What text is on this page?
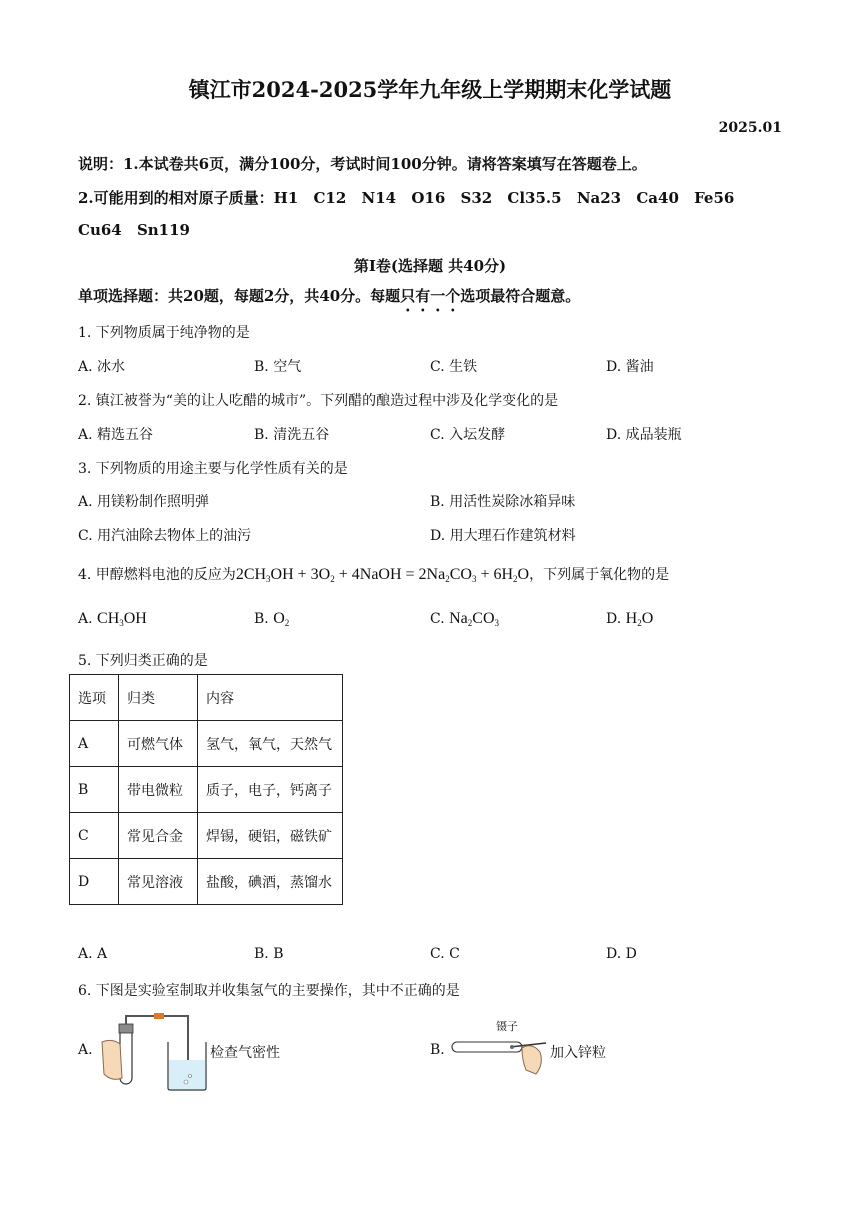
镇江市2024-2025学年九年级上学期期末化学试题
2025.01
说明：1.本试卷共6页，满分100分，考试时间100分钟。请将答案填写在答题卷上。
2.可能用到的相对原子质量：H1 C12 N14 O16 S32 Cl35.5 Na23 Ca40 Fe56
Cu64 Sn119
第I卷(选择题 共40分)
单项选择题：共20题，每题2分，共40分。每题只有一个选项最符合题意。
1. 下列物质属于纯净物的是
A. 冰水	B. 空气	C. 生铁	D. 酱油
2. 镇江被誉为“美的让人吃醋的城市”。下列醋的酿造过程中涉及化学变化的是
A. 精选五谷	B. 清洗五谷	C. 入坛发酵	D. 成品装瓶
3. 下列物质的用途主要与化学性质有关的是
A. 用镁粉制作照明弹	B. 用活性炭除冰箱异味
C. 用汽油除去物体上的油污	D. 用大理石作建筑材料
4. 甲醇燃料电池的反应为$2CH_3OH + 3O_2$ + 4NaOH = $2Na_2CO_3 + 6H_2O$，下列属于氧化物的是
A. $CH_3OH$	B. $O_2$	C. $Na_2CO_3$	D. $H_2O$
5. 下列归类正确的是
选项	归类	内容
A	可燃气体	氢气，氧气，天然气
B	带电微粒	质子，电子，钙离子
C	常见合金	焊锡，硬铝，磁铁矿
D	常见溶液	盐酸，碘酒，蒸馏水
A. A	B. B	C. C	D. D
6. 下图是实验室制取并收集氢气的主要操作，其中不正确的是
A.	检查气密性	B.
镊子
加入锌粒
